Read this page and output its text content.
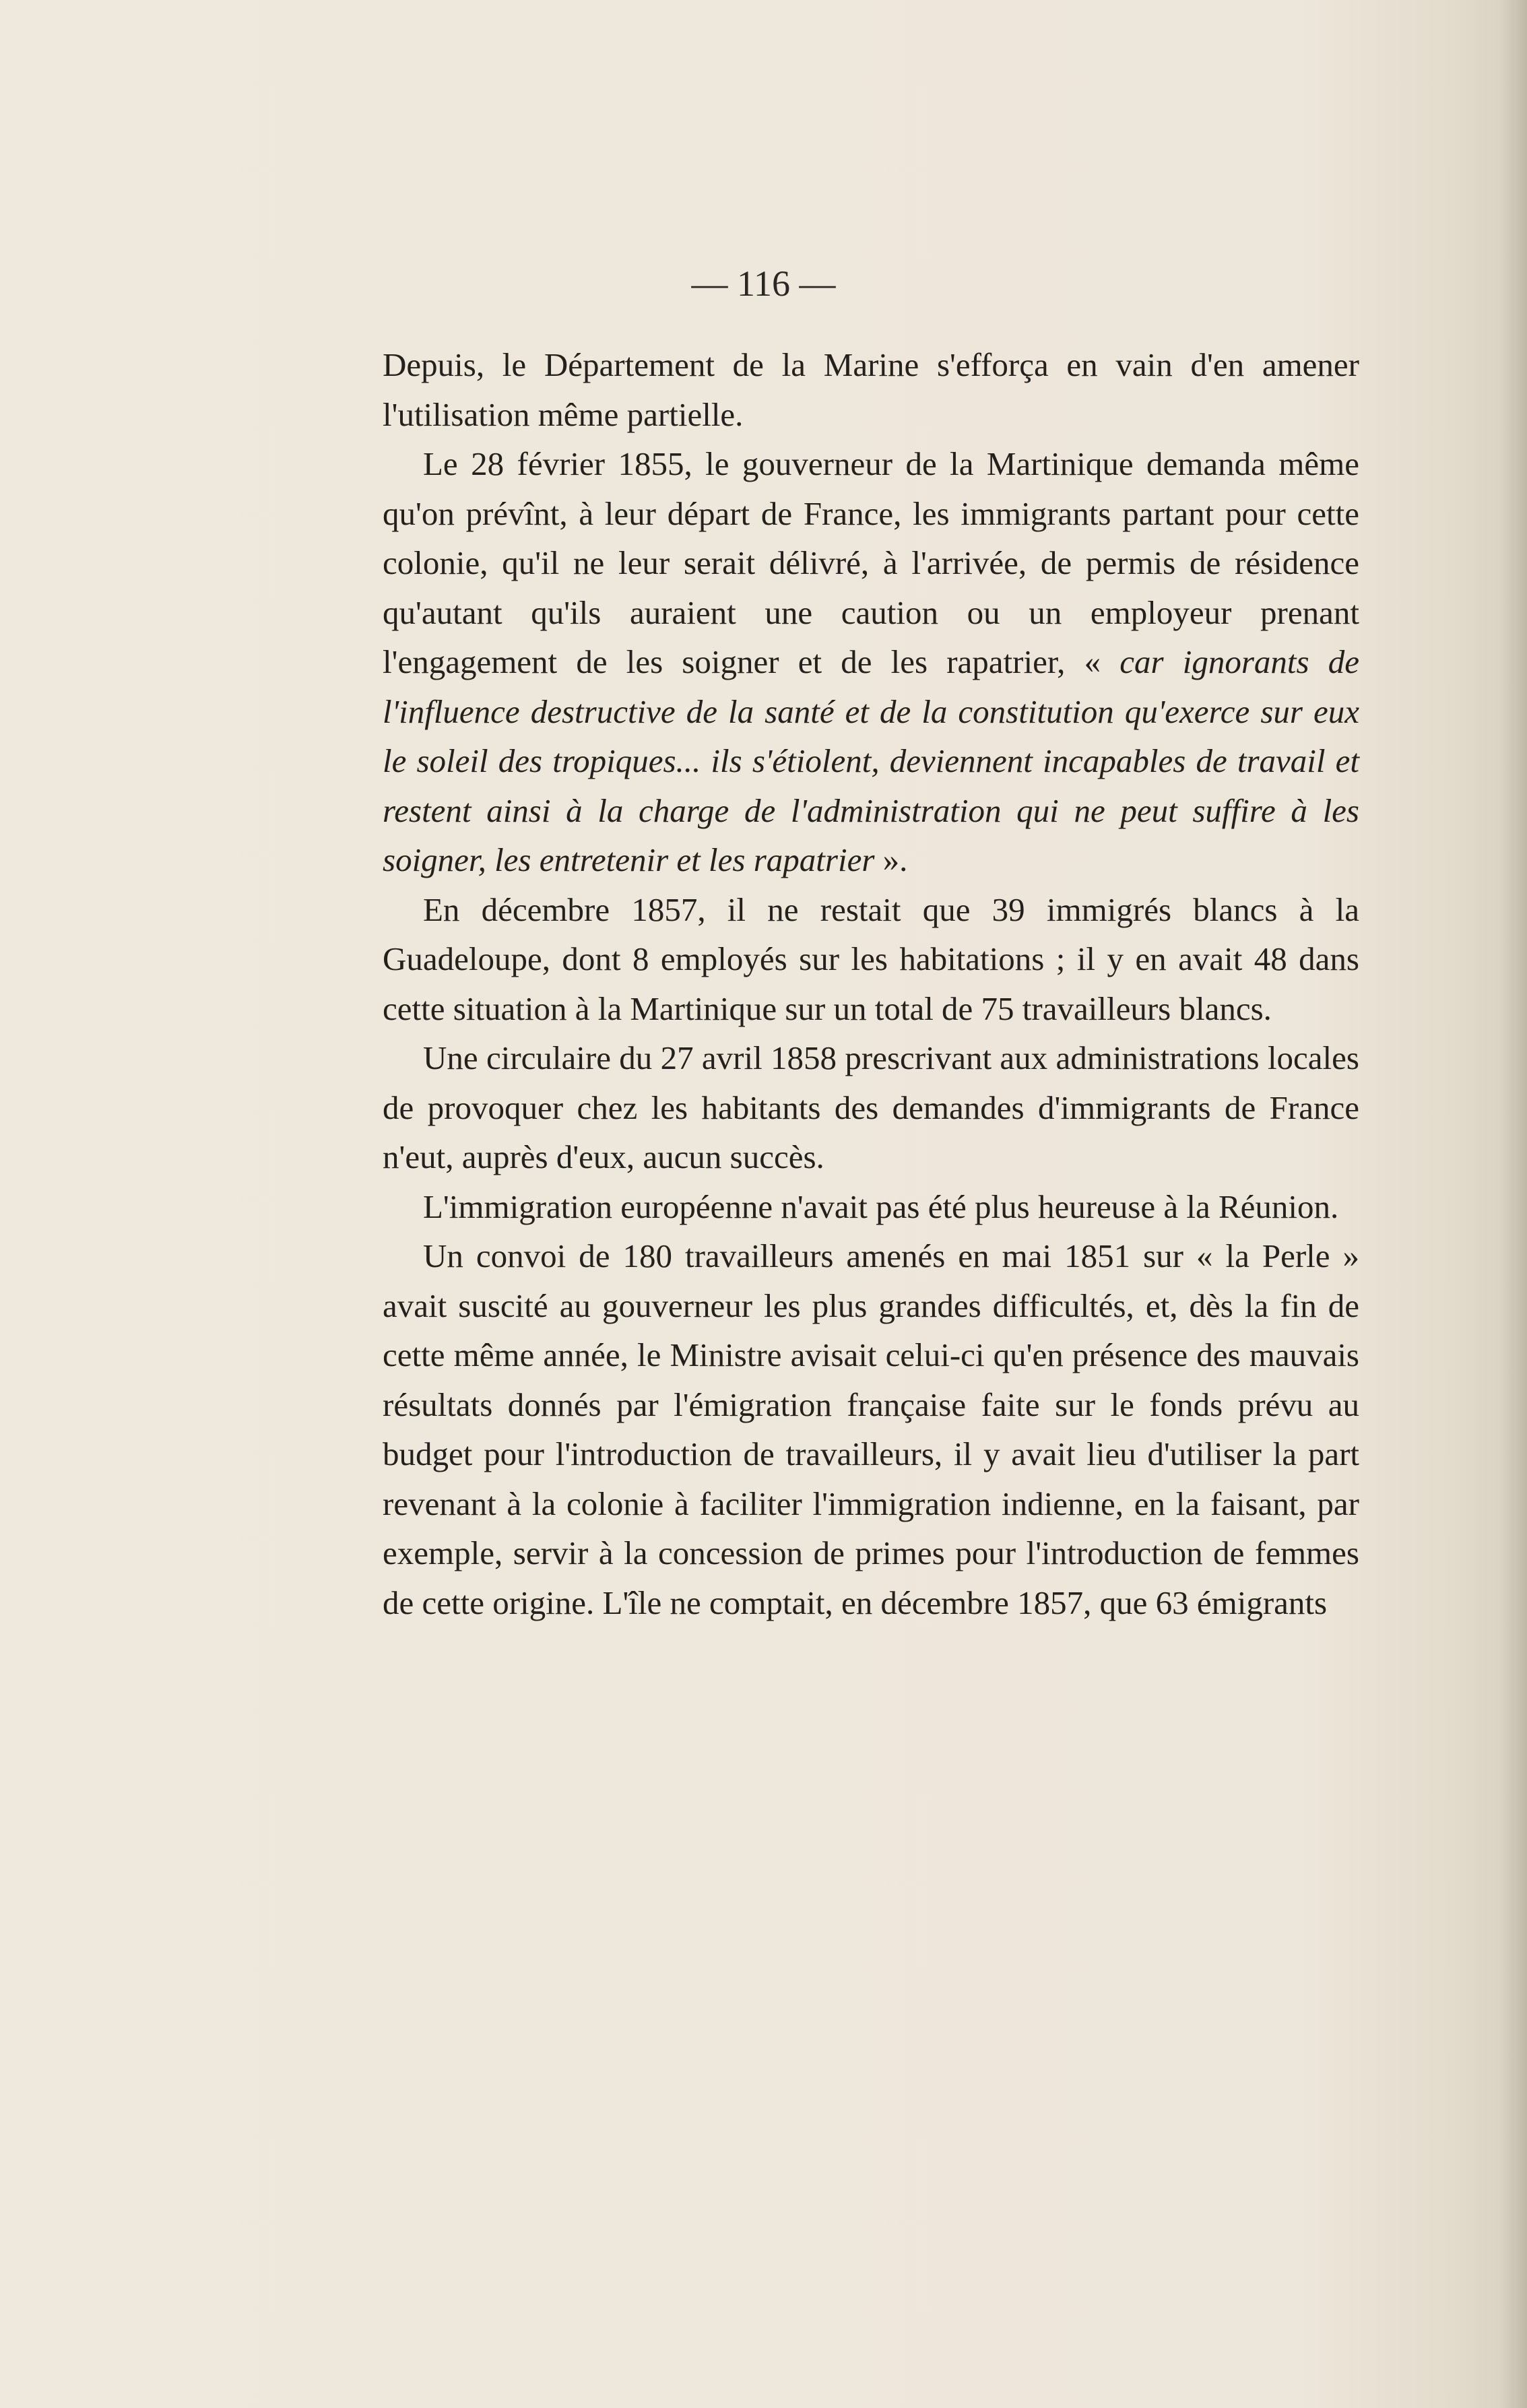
— 116 —

Depuis, le Département de la Marine s'efforça en vain d'en amener l'utilisation même partielle.

Le 28 février 1855, le gouverneur de la Martinique demanda même qu'on prévînt, à leur départ de France, les immigrants partant pour cette colonie, qu'il ne leur serait délivré, à l'arrivée, de permis de résidence qu'autant qu'ils auraient une caution ou un employeur prenant l'engagement de les soigner et de les rapatrier, « car ignorants de l'influence destructive de la santé et de la constitution qu'exerce sur eux le soleil des tropiques... ils s'étiolent, deviennent incapables de travail et restent ainsi à la charge de l'administration qui ne peut suffire à les soigner, les entretenir et les rapatrier ».

En décembre 1857, il ne restait que 39 immigrés blancs à la Guadeloupe, dont 8 employés sur les habitations ; il y en avait 48 dans cette situation à la Martinique sur un total de 75 travailleurs blancs.

Une circulaire du 27 avril 1858 prescrivant aux administrations locales de provoquer chez les habitants des demandes d'immigrants de France n'eut, auprès d'eux, aucun succès.

L'immigration européenne n'avait pas été plus heureuse à la Réunion.

Un convoi de 180 travailleurs amenés en mai 1851 sur « la Perle » avait suscité au gouverneur les plus grandes difficultés, et, dès la fin de cette même année, le Ministre avisait celui-ci qu'en présence des mauvais résultats donnés par l'émigration française faite sur le fonds prévu au budget pour l'introduction de travailleurs, il y avait lieu d'utiliser la part revenant à la colonie à faciliter l'immigration indienne, en la faisant, par exemple, servir à la concession de primes pour l'introduction de femmes de cette origine. L'île ne comptait, en décembre 1857, que 63 émigrants
